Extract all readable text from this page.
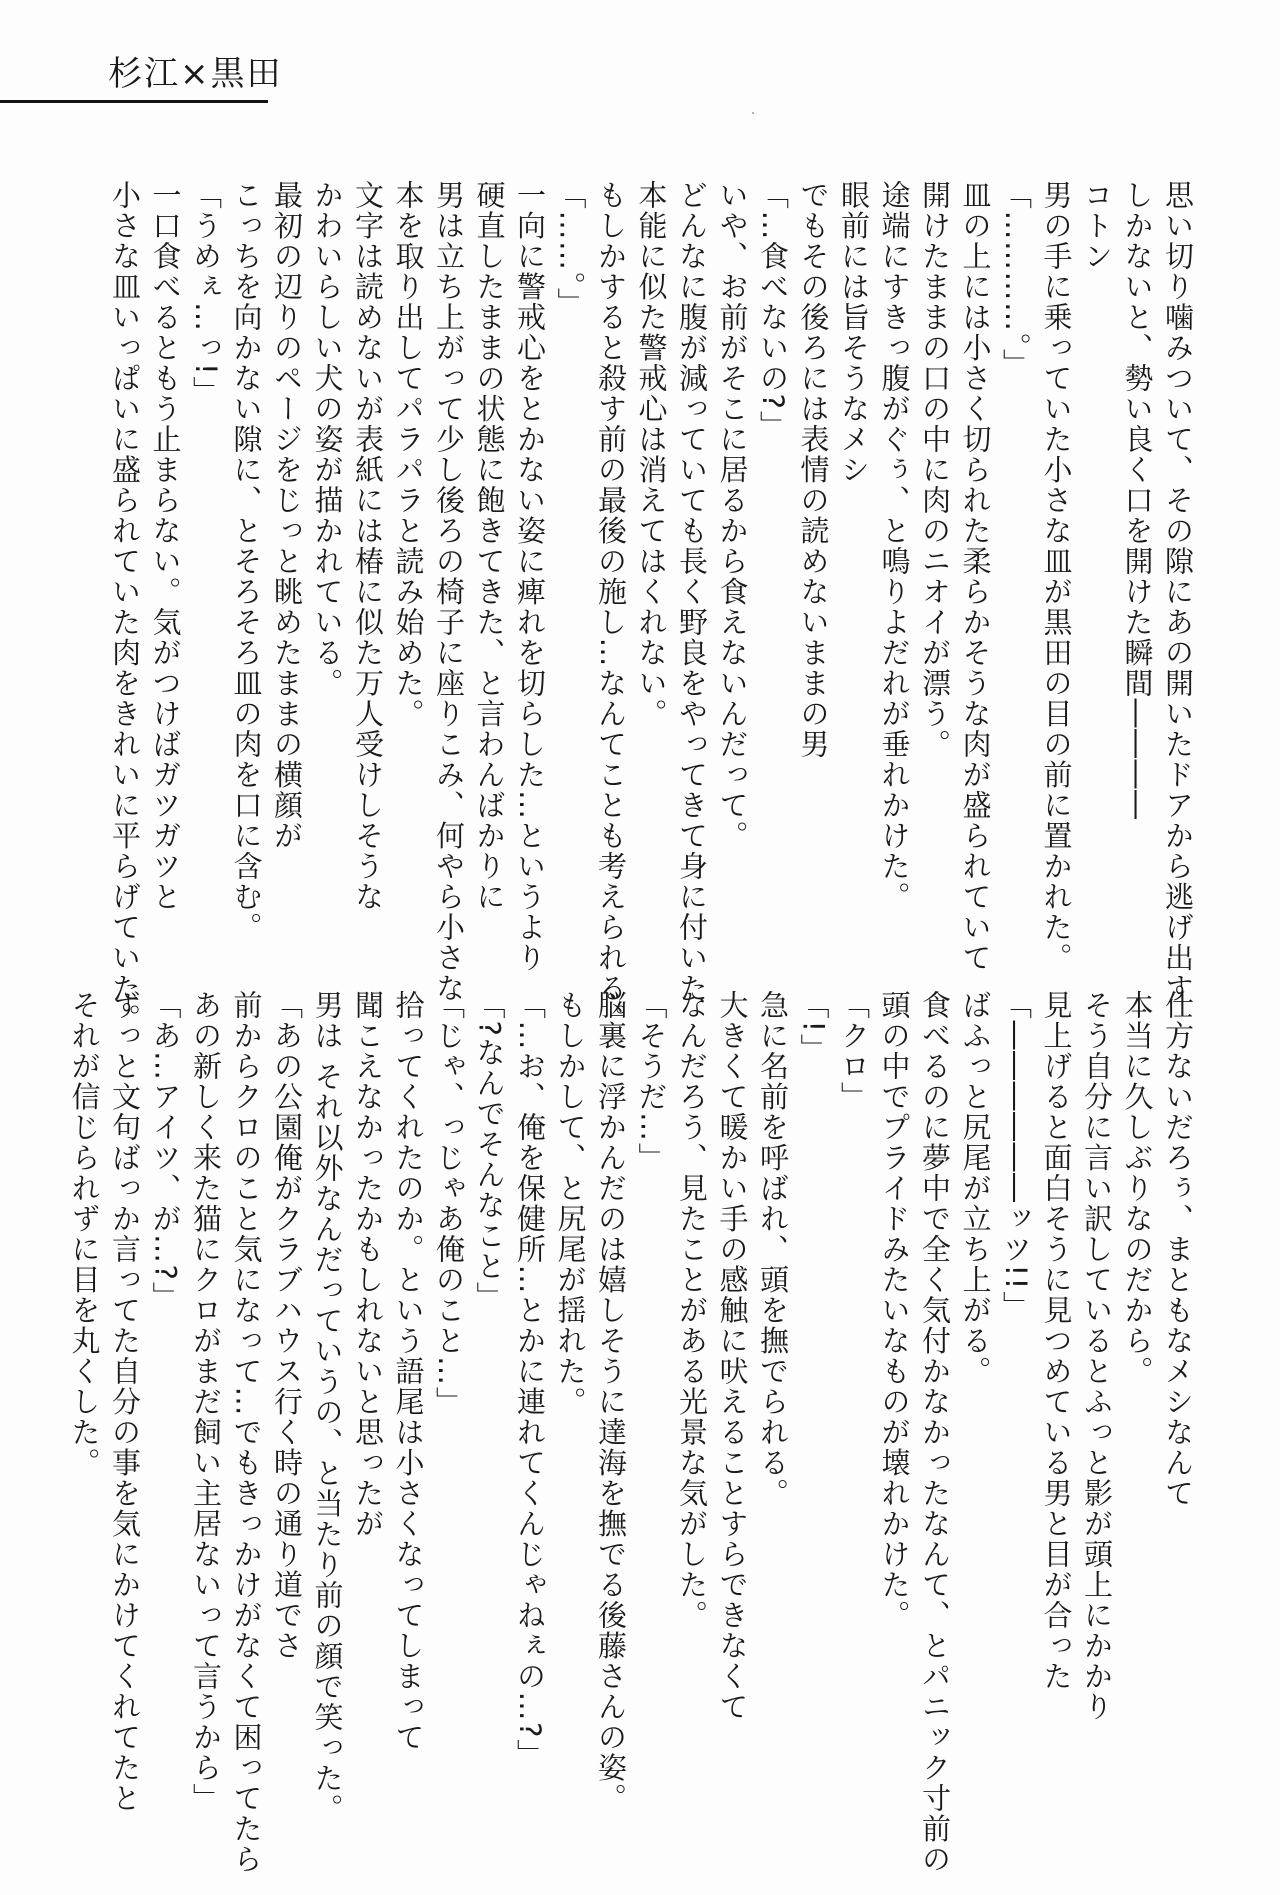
杉江×黒田

思い切り噛みついて、その隙にあの開いたドアから逃げ出す

しかないと、勢い良く口を開けた瞬間――――

コトン

男の手に乗っていた小さな皿が黒田の目の前に置かれた。

「…………。」

皿の上には小さく切られた柔らかそうな肉が盛られていて

開けたままの口の中に肉のニオイが漂う。

途端にすきっ腹がぐぅ、と鳴りよだれが垂れかけた。

眼前には旨そうなメシ

でもその後ろには表情の読めないままの男

「…食べないの?」

いや、お前がそこに居るから食えないんだって。

どんなに腹が減っていても長く野良をやってきて身に付いた

本能に似た警戒心は消えてはくれない。

もしかすると殺す前の最後の施し…なんてことも考えられる。

「……。」

一向に警戒心をとかない姿に痺れを切らした…というより

硬直したままの状態に飽きてきた、と言わんばかりに

男は立ち上がって少し後ろの椅子に座りこみ、何やら小さな

本を取り出してパラパラと読み始めた。

文字は読めないが表紙には椿に似た万人受けしそうな

かわいらしい犬の姿が描かれている。

最初の辺りのページをじっと眺めたままの横顔が

こっちを向かない隙に、とそろそろ皿の肉を口に含む。

「うめぇ…っ!」

一口食べるともう止まらない。気がつけばガツガツと

小さな皿いっぱいに盛られていた肉をきれいに平らげていた。

仕方ないだろぅ、まともなメシなんて

本当に久しぶりなのだから。

そう自分に言い訳しているとふっと影が頭上にかかり

見上げると面白そうに見つめている男と目が合った

「――――――ッツ!!」

ばふっと尻尾が立ち上がる。

食べるのに夢中で全く気付かなかったなんて、とパニック寸前の

頭の中でプライドみたいなものが壊れかけた。

「クロ」

「!」

急に名前を呼ばれ、頭を撫でられる。

大きくて暖かい手の感触に吠えることすらできなくて

なんだろう、見たことがある光景な気がした。

「そうだ…」

脳裏に浮かんだのは嬉しそうに達海を撫でる後藤さんの姿。

もしかして、と尻尾が揺れた。

「…お、俺を保健所…とかに連れてくんじゃねぇの…?」

「?なんでそんなこと」

「じゃ、っじゃあ俺のこと…」

拾ってくれたのか。という語尾は小さくなってしまって

聞こえなかったかもしれないと思ったが

男は それ以外なんだっていうの、と当たり前の顔で笑った。

「あの公園俺がクラブハウス行く時の通り道でさ

前からクロのこと気になって…でもきっかけがなくて困ってたら

あの新しく来た猫にクロがまだ飼い主居ないって言うから」

「あ…アイツ、が…?」

ずっと文句ばっか言ってた自分の事を気にかけてくれてたと

それが信じられずに目を丸くした。
